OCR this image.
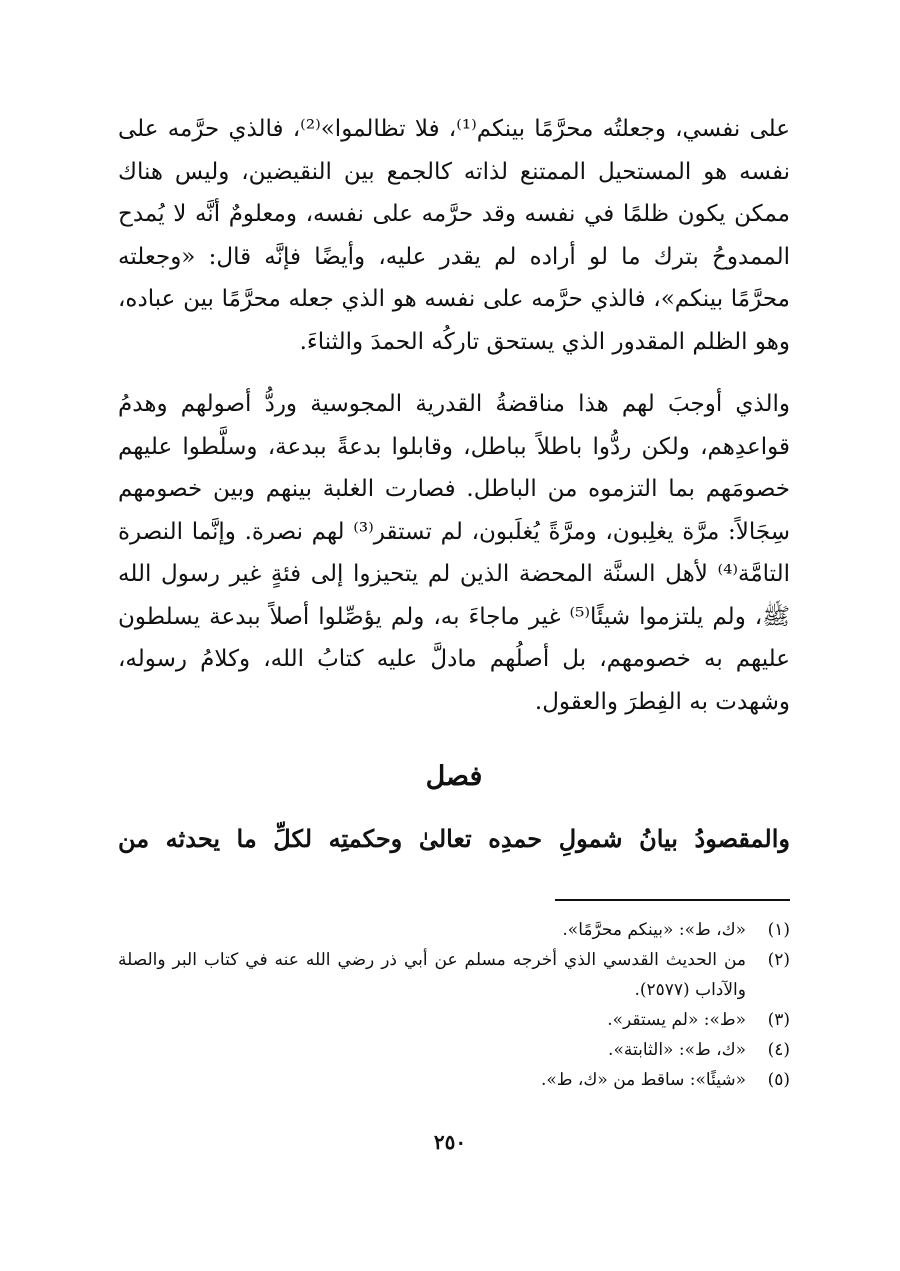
على نفسي، وجعلتُه محرَّمًا بينكم⁽¹⁾، فلا تظالموا»⁽²⁾، فالذي حرَّمه على نفسه هو المستحيل الممتنع لذاته كالجمع بين النقيضين، وليس هناك ممكن يكون ظلمًا في نفسه وقد حرَّمه على نفسه، ومعلومٌ أنَّه لا يُمدح الممدوحُ بترك ما لو أراده لم يقدر عليه، وأيضًا فإنَّه قال: «وجعلته محرَّمًا بينكم»، فالذي حرَّمه على نفسه هو الذي جعله محرَّمًا بين عباده، وهو الظلم المقدور الذي يستحق تاركُه الحمدَ والثناءَ.

والذي أوجبَ لهم هذا مناقضةُ القدرية المجوسية وردُّ أصولهم وهدمُ قواعدِهم، ولكن ردُّوا باطلاً بباطل، وقابلوا بدعةً ببدعة، وسلَّطوا عليهم خصومَهم بما التزموه من الباطل. فصارت الغلبة بينهم وبين خصومهم سِجَالاً: مرَّة يغلِبون، ومرَّةً يُغلَبون، لم تستقر⁽³⁾ لهم نصرة. وإنَّما النصرة التامَّة⁽⁴⁾ لأهل السنَّة المحضة الذين لم يتحيزوا إلى فئةٍ غير رسول الله ﷺ، ولم يلتزموا شيئًا⁽⁵⁾ غير ماجاءَ به، ولم يؤصِّلوا أصلاً ببدعة يسلطون عليهم به خصومهم، بل أصلُهم مادلَّ عليه كتابُ الله، وكلامُ رسوله، وشهدت به الفِطرَ والعقول.

فصل
والمقصودُ بيانُ شمولِ حمدِه تعالىٰ وحكمتِه لكلِّ ما يحدثه من
(١)
«ك، ط»: «بينكم محرَّمًا».
(٢)
من الحديث القدسي الذي أخرجه مسلم عن أبي ذر رضي الله عنه في كتاب البر والصلة والآداب (٢٥٧٧).
(٣)
«ط»: «لم يستقر».
(٤)
«ك، ط»: «الثابتة».
(٥)
«شيئًا»: ساقط من «ك، ط».
٢٥٠
